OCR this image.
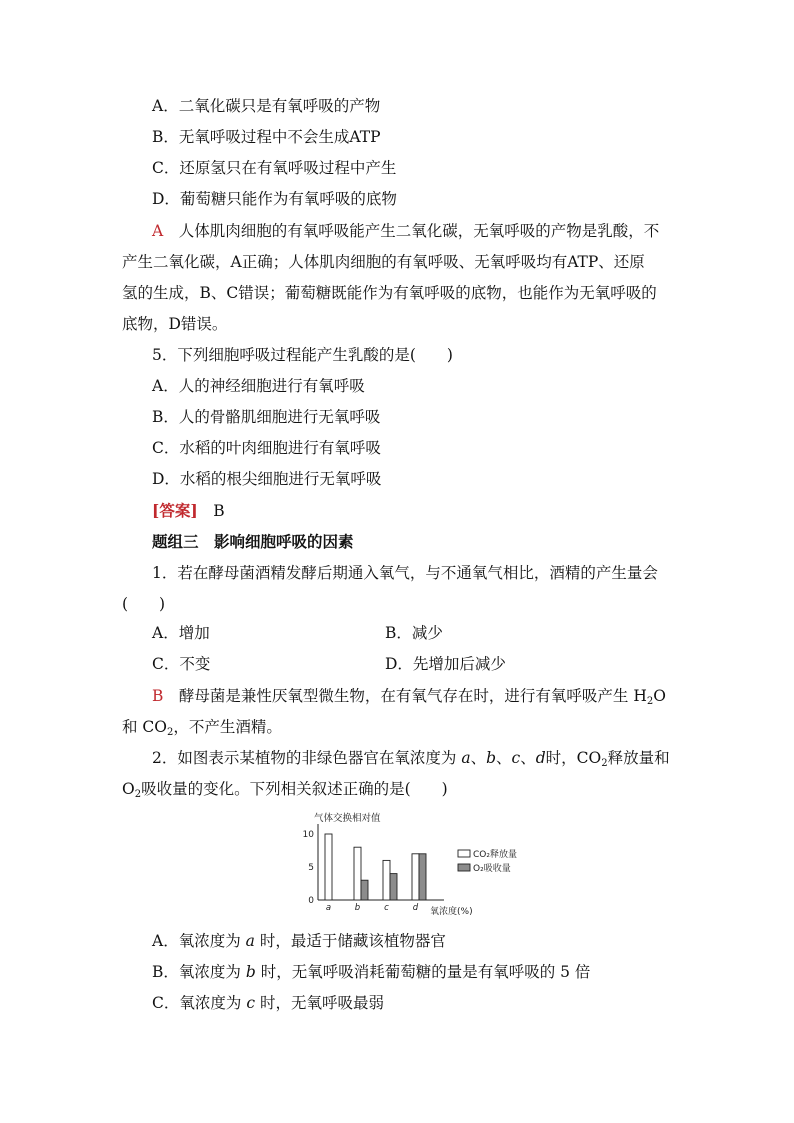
A．二氧化碳只是有氧呼吸的产物
B．无氧呼吸过程中不会生成ATP
C．还原氢只在有氧呼吸过程中产生
D．葡萄糖只能作为有氧呼吸的底物
A　 人体肌肉细胞的有氧呼吸能产生二氧化碳，无氧呼吸的产物是乳酸，不
产生二氧化碳，A正确；人体肌肉细胞的有氧呼吸、无氧呼吸均有ATP、还原
氢的生成，B、C错误；葡萄糖既能作为有氧呼吸的底物，也能作为无氧呼吸的
底物，D错误。
5．下列细胞呼吸过程能产生乳酸的是(　　)
A．人的神经细胞进行有氧呼吸
B．人的骨骼肌细胞进行无氧呼吸
C．水稻的叶肉细胞进行有氧呼吸
D．水稻的根尖细胞进行无氧呼吸
[答案]　 B
题组三　影响细胞呼吸的因素
1．若在酵母菌酒精发酵后期通入氧气，与不通氧气相比，酒精的产生量会
(　　)
A．增加	B．减少
C．不变	D．先增加后减少
B　 酵母菌是兼性厌氧型微生物，在有氧气存在时，进行有氧呼吸产生 $H_2O$
和 $CO_2$，不产生酒精。
2．如图表示某植物的非绿色器官在氧浓度为 a、b、c、d时，$CO_2$释放量和
$O_2$吸收量的变化。下列相关叙述正确的是(　　)
气体交换相对值
氧浓度(%)
0
5
10
a	b	c	d
CO₂释放量
O₂吸收量
A．氧浓度为 a 时，最适于储藏该植物器官
B．氧浓度为 b 时，无氧呼吸消耗葡萄糖的量是有氧呼吸的 5 倍
C．氧浓度为 c 时，无氧呼吸最弱
